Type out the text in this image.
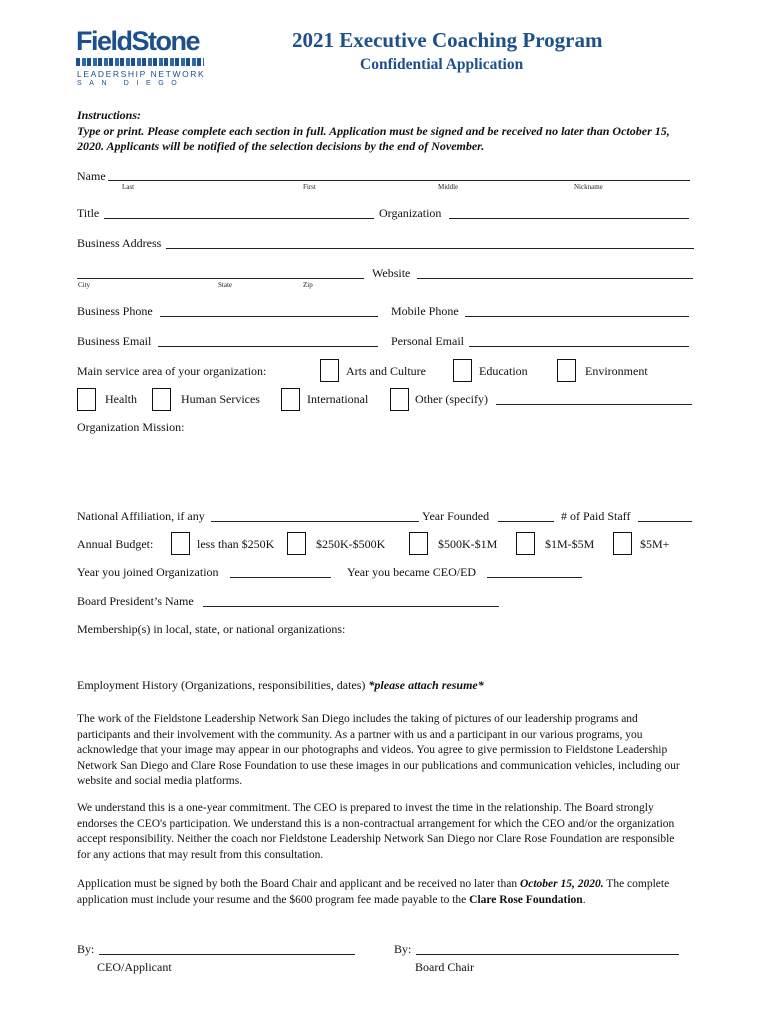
FieldStone
LEADERSHIP NETWORK
SAN DIEGO
2021 Executive Coaching Program
Confidential Application
Instructions:
Type or print. Please complete each section in full. Application must be signed and be received no later than October 15, 2020. Applicants will be notified of the selection decisions by the end of November.
Name
Last	First	Middle	Nickname
Title	Organization
Business Address
City	State	Zip
Website
Business Phone	Mobile Phone
Business Email	Personal Email
Main service area of your organization:	Arts and Culture	Education	Environment
Health	Human Services	International	Other (specify)
Organization Mission:
National Affiliation, if any	Year Founded	# of Paid Staff
Annual Budget:	less than $250K	$250K-$500K	$500K-$1M	$1M-$5M	$5M+
Year you joined Organization	Year you became CEO/ED
Board President’s Name
Membership(s) in local, state, or national organizations:
Employment History (Organizations, responsibilities, dates) *please attach resume*
The work of the Fieldstone Leadership Network San Diego includes the taking of pictures of our leadership programs and participants and their involvement with the community. As a partner with us and a participant in our various programs, you acknowledge that your image may appear in our photographs and videos. You agree to give permission to Fieldstone Leadership Network San Diego and Clare Rose Foundation to use these images in our publications and communication vehicles, including our website and social media platforms.
We understand this is a one-year commitment. The CEO is prepared to invest the time in the relationship. The Board strongly endorses the CEO's participation. We understand this is a non-contractual arrangement for which the CEO and/or the organization accept responsibility. Neither the coach nor Fieldstone Leadership Network San Diego nor Clare Rose Foundation are responsible for any actions that may result from this consultation.
Application must be signed by both the Board Chair and applicant and be received no later than October 15, 2020. The complete application must include your resume and the $600 program fee made payable to the Clare Rose Foundation.
By:
CEO/Applicant
By:
Board Chair
